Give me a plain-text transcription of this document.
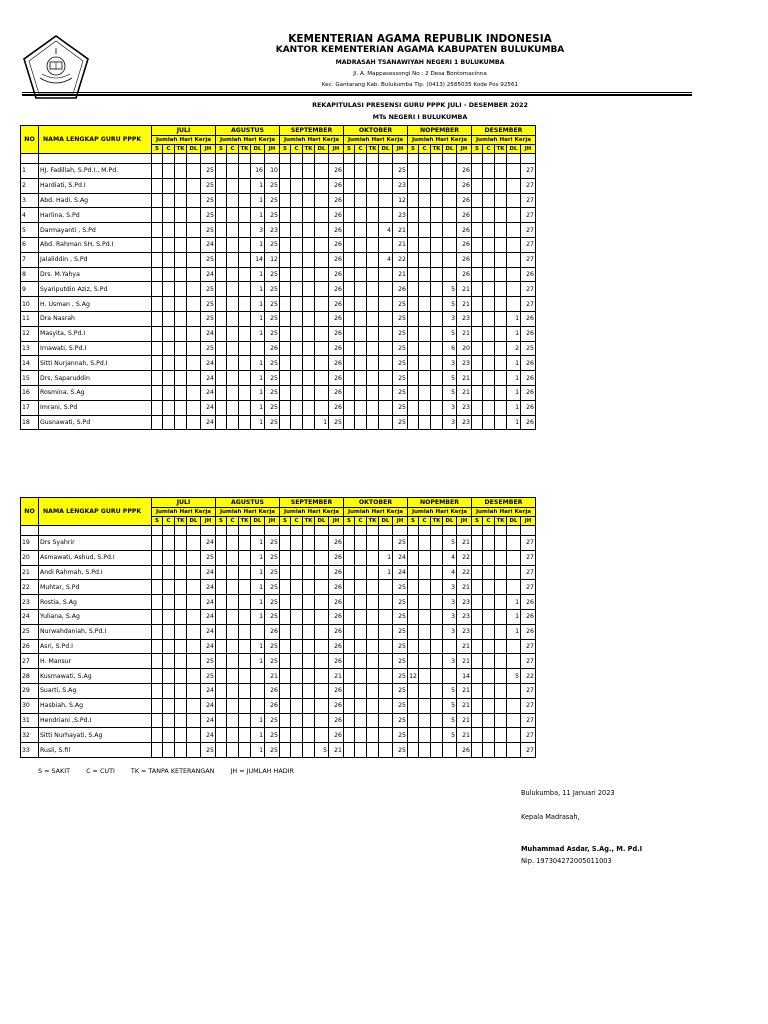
KEMENTERIAN AGAMA REPUBLIK INDONESIA
KANTOR KEMENTERIAN AGAMA KABUPATEN BULUKUMBA
MADRASAH TSANAWIYAH NEGERI 1 BULUKUMBA
Jl. A. Mappasessongi No : 2 Desa Bontomacinna
Kec. Gantarang Kab. Bulukumba Tlp. (0413) 2585035 Kode Pos 92561
REKAPITULASI PRESENSI GURU PPPK JULI - DESEMBER 2022
MTs NEGERI I BULUKUMBA
NO	NAMA LENGKAP GURU PPPK	JULI					AGUSTUS					SEPTEMBER					OKTOBER					NOPEMBER					DESEMBER				
		Jumlah Hari Kerja					Jumlah Hari Kerja					Jumlah Hari Kerja					Jumlah Hari Kerja					Jumlah Hari Kerja					Jumlah Hari Kerja				
		S	C	TK	DL	JH	S	C	TK	DL	JH	S	C	TK	DL	JH	S	C	TK	DL	JH	S	C	TK	DL	JH	S	C	TK	DL	JH

1	HJ. Fadillah, S.Pd.I., M.Pd.					25				16	10					26					25					26					27
2	Hardiati, S.Pd.I					25				1	25					26					23					26					27
3	Abd. Hadi, S.Ag					25				1	25					26					12					26					27
4	Harlina, S.Pd					25				1	25					26					23					26					27
5	Darmayanti , S.Pd					25				3	23					26				4	21					26					27
6	Abd. Rahman SH, S.Pd.I					24				1	25					26					21					26					27
7	Jalaliddin , S.Pd					25				14	12					26				4	22					26					27
8	Drs. M.Yahya					24				1	25					26					21					26					26
9	Syariputdin Aziz, S.Pd					25				1	25					26					26				5	21					27
10	H. Usman , S.Ag					25				1	25					26					25				5	21					27
11	Dra Nasrah					25				1	25					26					25				3	23				1	26
12	Masyita, S.Pd.I					24				1	25					26					25				5	21				1	26
13	Irnawati, S.Pd.I					25					26					26					25				6	20				2	25
14	Sitti Nurjannah, S.Pd.I					24				1	25					26					25				3	23				1	26
15	Drs, Saparuddin					24				1	25					26					25				5	21				1	26
16	Rosmina, S.Ag					24				1	25					26					25				5	21				1	26
17	Imrani, S.Pd					24				1	25					26					25				3	23				1	26
18	Gusnawati, S.Pd					24				1	25				1	25					25				3	23				1	26
NO	NAMA LENGKAP GURU PPPK	JULI					AGUSTUS					SEPTEMBER					OKTOBER					NOPEMBER					DESEMBER				
		Jumlah Hari Kerja					Jumlah Hari Kerja					Jumlah Hari Kerja					Jumlah Hari Kerja					Jumlah Hari Kerja					Jumlah Hari Kerja				
		S	C	TK	DL	JH	S	C	TK	DL	JH	S	C	TK	DL	JH	S	C	TK	DL	JH	S	C	TK	DL	JH	S	C	TK	DL	JH

19	Drs Syahrir					24				1	25					26					25				5	21					27
20	Asmawati, Ashud, S.Pd.I					25				1	25					26				1	24				4	22					27
21	Andi Rahmah, S.Pd.I					24				1	25					26				1	24				4	22					27
22	Muhtar, S.Pd					24				1	25					26					25				3	21					27
23	Rostia, S.Ag					24				1	25					26					25				3	23				1	26
24	Yuliana, S.Ag					24				1	25					26					25				3	23				1	26
25	Nurwahdaniah, S.Pd.I					24					26					26					25				3	23				1	26
26	Asri, S.Pd.I					24				1	25					26					25					21					27
27	H. Mansur					25				1	25					26					25				3	21					27
28	Kusmawati, S.Ag					25					21					21					25	12				14				5	22
29	Suarti, S.Ag					24					26					26					25				5	21					27
30	Hasbiah, S.Ag					24					26					26					25				5	21					27
31	Hendriani ,S.Pd.I					24				1	25					26					25				5	21					27
32	Sitti Nurhayati, S.Ag					24				1	25					26					25				5	21					27
33	Rusli, S.fil					25				1	25				5	21					25					26					27
S = SAKIT	C = CUTI	TK = TANPA KETERANGAN	JH = JUMLAH HADIR
Bulukumba, 11 Januari 2023
Kepala Madrasah,
Muhammad Asdar, S.Ag., M. Pd.I
Nip. 197304272005011003
